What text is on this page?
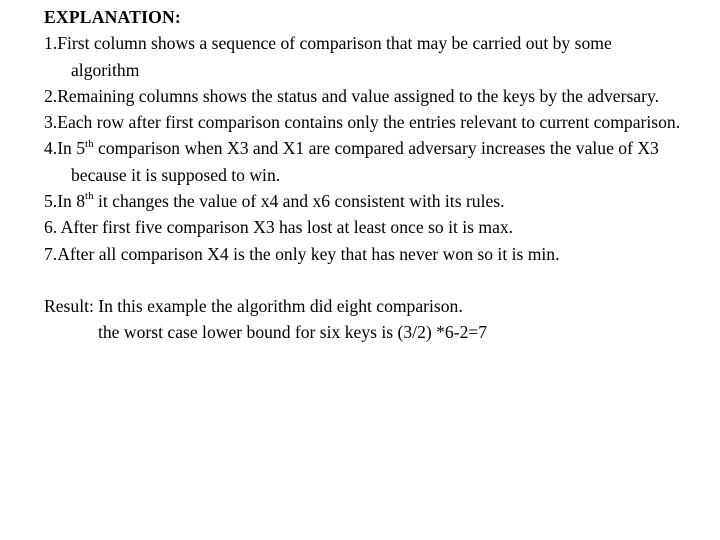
EXPLANATION:
1.First column shows a sequence of comparison that may be carried out by some algorithm
2.Remaining columns shows the status and value assigned to the keys by the adversary.
3.Each row after first comparison contains only the entries relevant to current comparison.
4.In 5th comparison when X3 and X1 are compared adversary increases the value of X3 because it is supposed to win.
5.In 8th it changes the value of x4 and x6 consistent with its rules.
6. After first five comparison X3 has lost at least once so it is max.
7.After all comparison X4 is the only key that has never won so it is min.
Result: In this example the algorithm did eight comparison.
the worst case lower bound for six keys is (3/2) *6-2=7
